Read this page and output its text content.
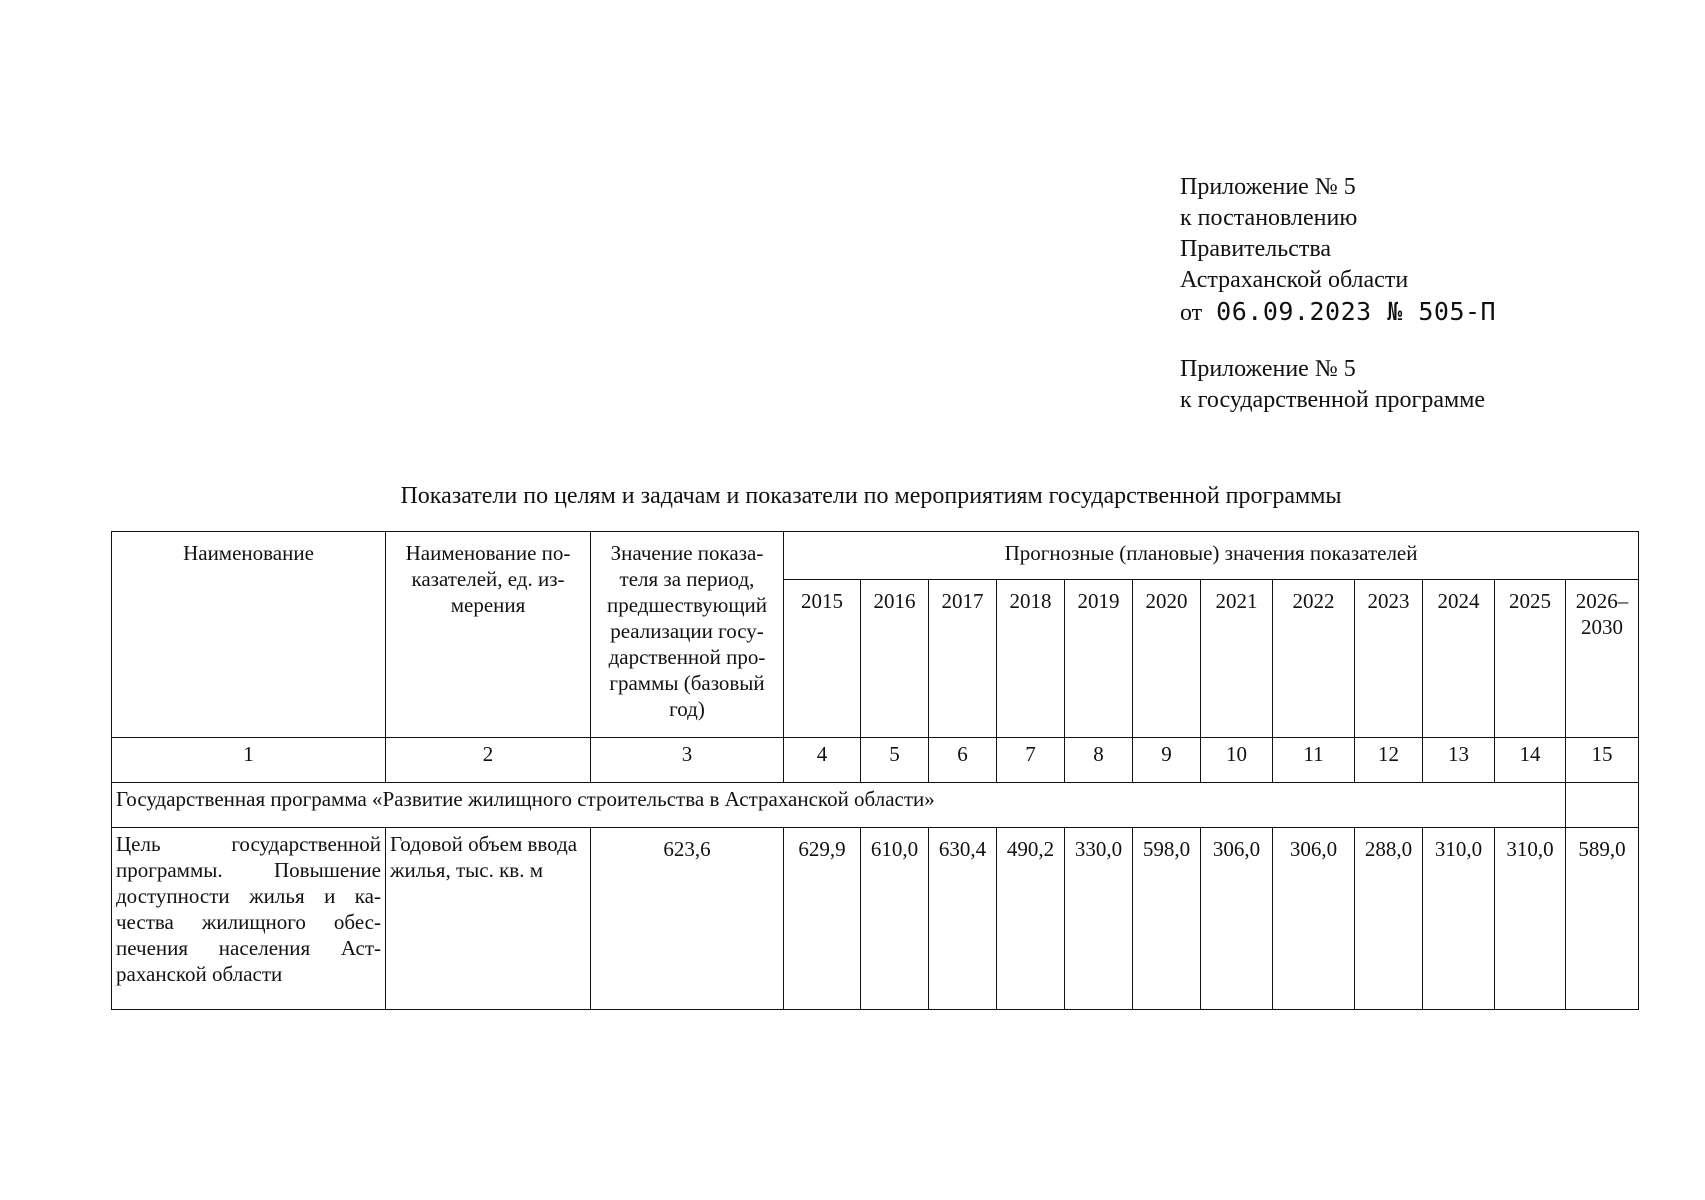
Приложение № 5
к постановлению
Правительства
Астраханской области
от 06.09.2023 № 505-П
Приложение № 5
к государственной программе
Показатели по целям и задачам и показатели по мероприятиям государственной программы
Наименование	Наименование по-казателей, ед. из-мерения	Значение показа-теля за период, предшествующий реализации госу-дарственной про-граммы (базовый год)	Прогнозные (плановые) значения показателей											
			2015	2016	2017	2018	2019	2020	2021	2022	2023	2024	2025	2026–2030
1	2	3	4	5	6	7	8	9	10	11	12	13	14	15
Государственная программа «Развитие жилищного строительства в Астраханской области»														
Цель государственной программы. Повышение доступности жилья и ка-чества жилищного обес-печения населения Аст-раханской области	Годовой объем ввода жилья, тыс. кв. м	623,6	629,9	610,0	630,4	490,2	330,0	598,0	306,0	306,0	288,0	310,0	310,0	589,0
